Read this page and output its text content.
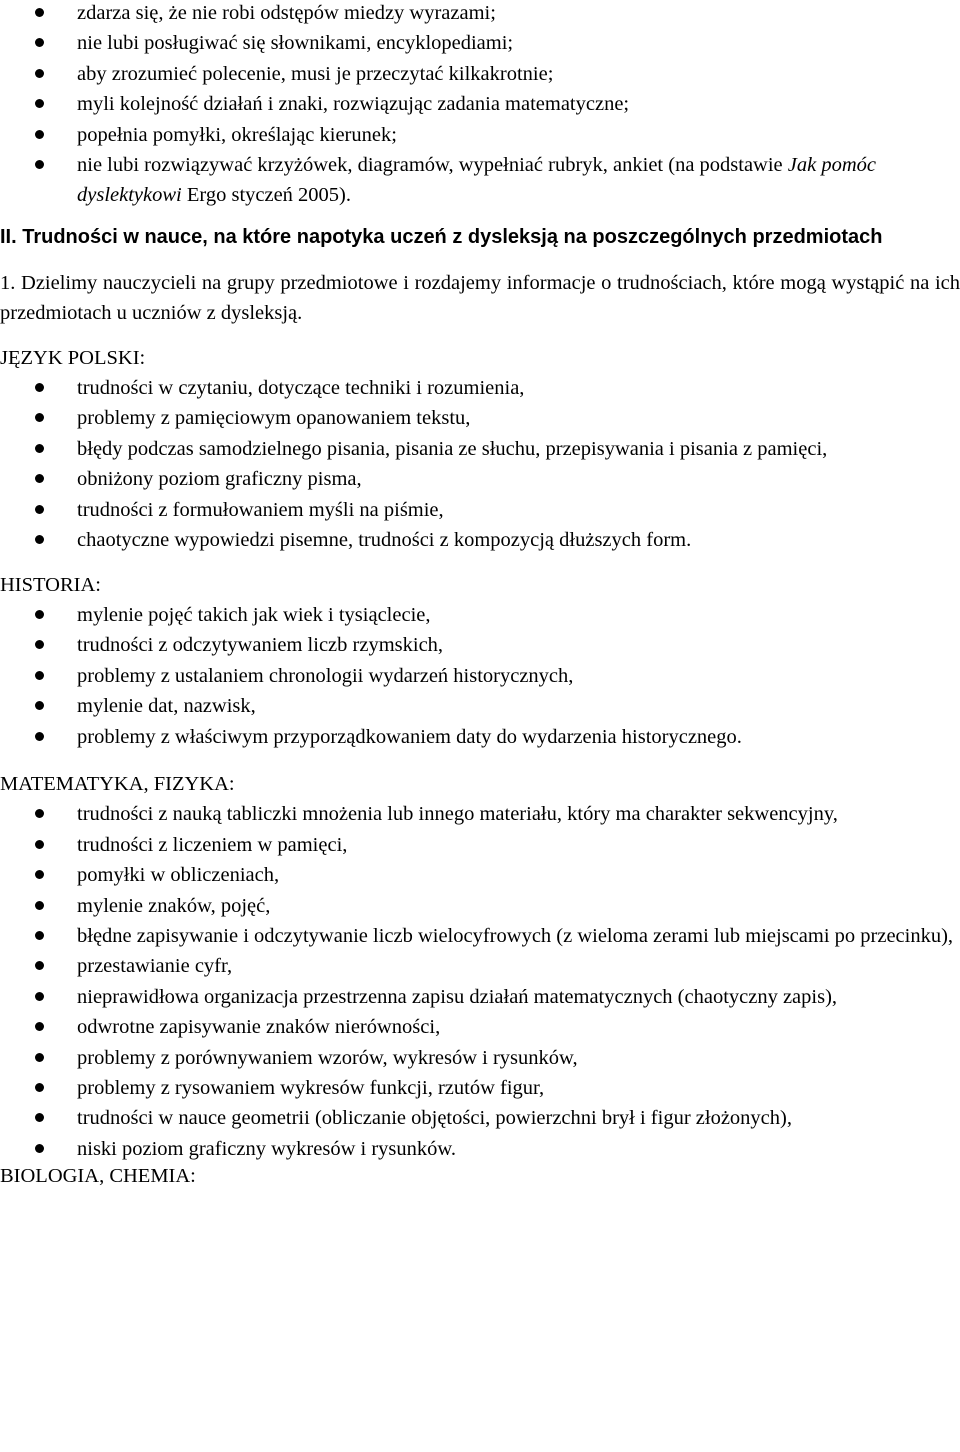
zdarza się, że nie robi odstępów miedzy wyrazami;
nie lubi posługiwać się słownikami, encyklopediami;
aby zrozumieć polecenie, musi je przeczytać kilkakrotnie;
myli kolejność działań i znaki, rozwiązując zadania matematyczne;
popełnia pomyłki, określając kierunek;
nie lubi rozwiązywać krzyżówek, diagramów, wypełniać rubryk, ankiet (na podstawie Jak pomóc dyslektykowi Ergo styczeń 2005).
II. Trudności w nauce, na które napotyka uczeń z dysleksją na poszczególnych przedmiotach

1. Dzielimy nauczycieli na grupy przedmiotowe i rozdajemy informacje o trudnościach, które mogą wystąpić na ich przedmiotach u uczniów z dysleksją.

JĘZYK POLSKI:

trudności w czytaniu, dotyczące techniki i rozumienia,
problemy z pamięciowym opanowaniem tekstu,
błędy podczas samodzielnego pisania, pisania ze słuchu, przepisywania i pisania z pamięci,
obniżony poziom graficzny pisma,
trudności z formułowaniem myśli na piśmie,
chaotyczne wypowiedzi pisemne, trudności z kompozycją dłuższych form.

HISTORIA:

mylenie pojęć takich jak wiek i tysiąclecie,
trudności z odczytywaniem liczb rzymskich,
problemy z ustalaniem chronologii wydarzeń historycznych,
mylenie dat, nazwisk,
problemy z właściwym przyporządkowaniem daty do wydarzenia historycznego.

MATEMATYKA, FIZYKA:

trudności z nauką tabliczki mnożenia lub innego materiału, który ma charakter sekwencyjny,
trudności z liczeniem w pamięci,
pomyłki w obliczeniach,
mylenie znaków, pojęć,
błędne zapisywanie i odczytywanie liczb wielocyfrowych (z wieloma zerami lub miejscami po przecinku),
przestawianie cyfr,
nieprawidłowa organizacja przestrzenna zapisu działań matematycznych (chaotyczny zapis),
odwrotne zapisywanie znaków nierówności,
problemy z porównywaniem wzorów, wykresów i rysunków,
problemy z rysowaniem wykresów funkcji, rzutów figur,
trudności w nauce geometrii (obliczanie objętości, powierzchni brył i figur złożonych),
niski poziom graficzny wykresów i rysunków.

BIOLOGIA, CHEMIA:
